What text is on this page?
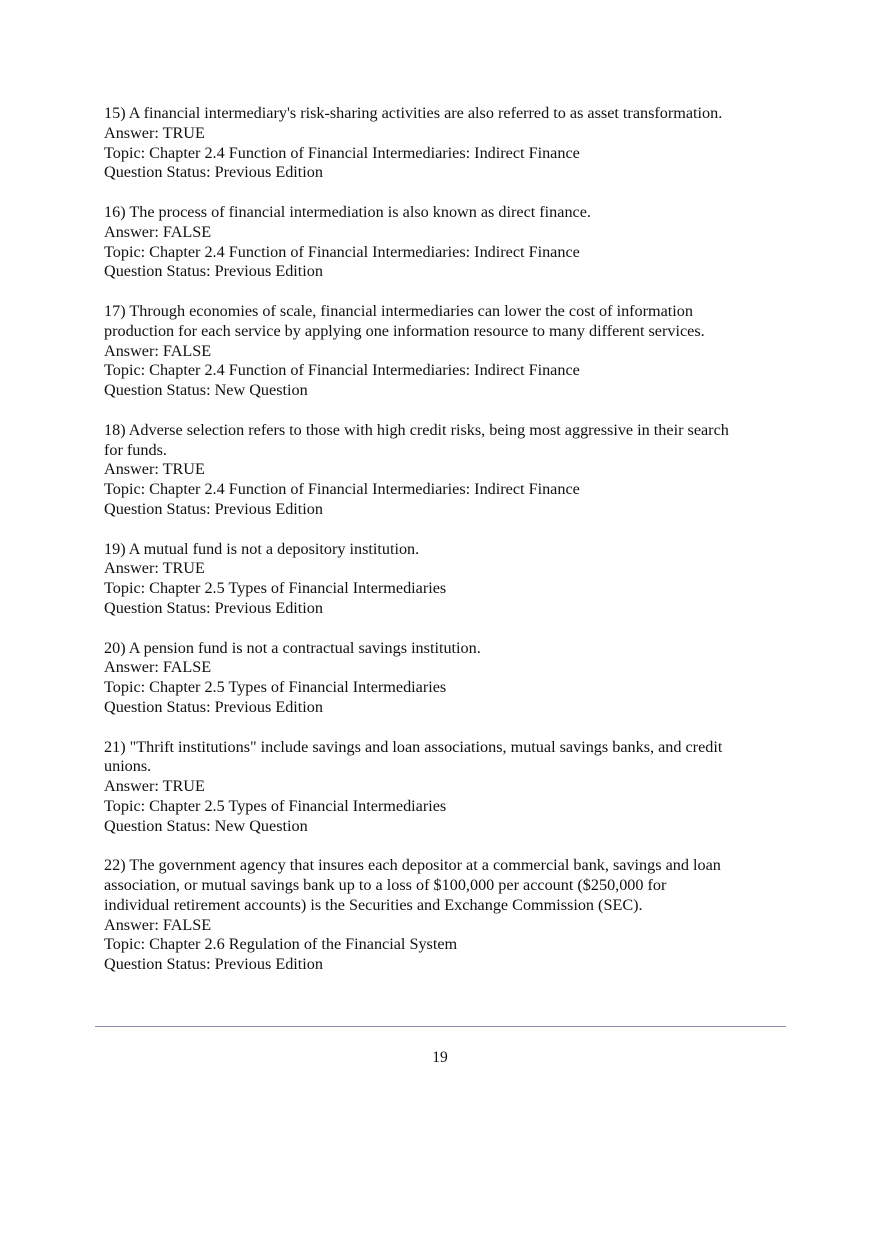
15) A financial intermediary's risk-sharing activities are also referred to as asset transformation.
Answer: TRUE
Topic: Chapter 2.4 Function of Financial Intermediaries: Indirect Finance
Question Status: Previous Edition
16) The process of financial intermediation is also known as direct finance.
Answer: FALSE
Topic: Chapter 2.4 Function of Financial Intermediaries: Indirect Finance
Question Status: Previous Edition
17) Through economies of scale, financial intermediaries can lower the cost of information
production for each service by applying one information resource to many different services.
Answer: FALSE
Topic: Chapter 2.4 Function of Financial Intermediaries: Indirect Finance
Question Status: New Question
18) Adverse selection refers to those with high credit risks, being most aggressive in their search
for funds.
Answer: TRUE
Topic: Chapter 2.4 Function of Financial Intermediaries: Indirect Finance
Question Status: Previous Edition
19) A mutual fund is not a depository institution.
Answer: TRUE
Topic: Chapter 2.5 Types of Financial Intermediaries
Question Status: Previous Edition
20) A pension fund is not a contractual savings institution.
Answer: FALSE
Topic: Chapter 2.5 Types of Financial Intermediaries
Question Status: Previous Edition
21) "Thrift institutions" include savings and loan associations, mutual savings banks, and credit
unions.
Answer: TRUE
Topic: Chapter 2.5 Types of Financial Intermediaries
Question Status: New Question
22) The government agency that insures each depositor at a commercial bank, savings and loan
association, or mutual savings bank up to a loss of $100,000 per account ($250,000 for
individual retirement accounts) is the Securities and Exchange Commission (SEC).
Answer: FALSE
Topic: Chapter 2.6 Regulation of the Financial System
Question Status: Previous Edition
19
